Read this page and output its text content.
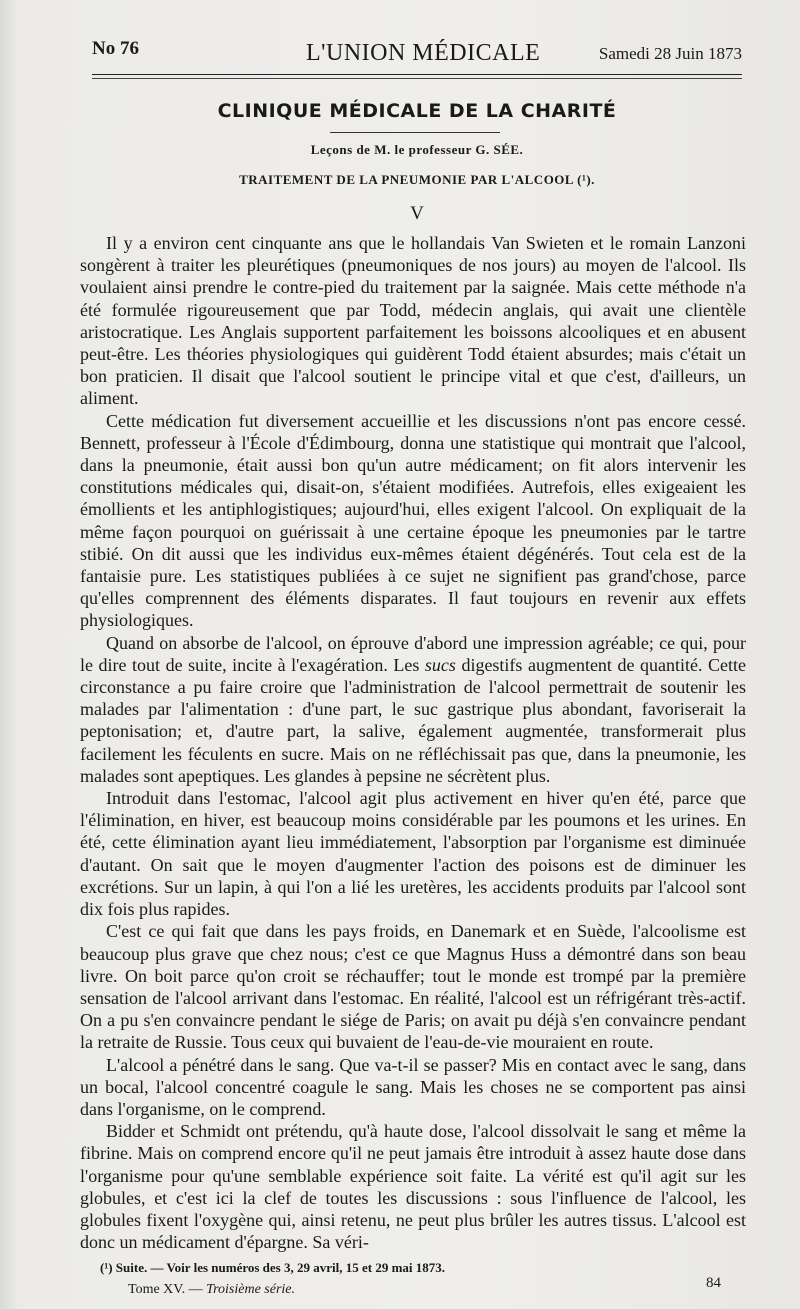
No 76	L'UNION MÉDICALE	Samedi 28 Juin 1873
CLINIQUE MÉDICALE DE LA CHARITÉ
Leçons de M. le professeur G. SÉE.
TRAITEMENT DE LA PNEUMONIE PAR L'ALCOOL (¹).
V

Il y a environ cent cinquante ans que le hollandais Van Swieten et le romain Lanzoni songèrent à traiter les pleurétiques (pneumoniques de nos jours) au moyen de l'alcool. Ils voulaient ainsi prendre le contre-pied du traitement par la saignée. Mais cette méthode n'a été formulée rigoureusement que par Todd, médecin anglais, qui avait une clientèle aristocratique. Les Anglais supportent parfaitement les boissons alcooliques et en abusent peut-être. Les théories physiologiques qui guidèrent Todd étaient absurdes; mais c'était un bon praticien. Il disait que l'alcool soutient le principe vital et que c'est, d'ailleurs, un aliment.

Cette médication fut diversement accueillie et les discussions n'ont pas encore cessé. Bennett, professeur à l'École d'Édimbourg, donna une statistique qui montrait que l'alcool, dans la pneumonie, était aussi bon qu'un autre médicament; on fit alors intervenir les constitutions médicales qui, disait-on, s'étaient modifiées. Autrefois, elles exigeaient les émollients et les antiphlogistiques; aujourd'hui, elles exigent l'alcool. On expliquait de la même façon pourquoi on guérissait à une certaine époque les pneumonies par le tartre stibié. On dit aussi que les individus eux-mêmes étaient dégénérés. Tout cela est de la fantaisie pure. Les statistiques publiées à ce sujet ne signifient pas grand'chose, parce qu'elles comprennent des éléments disparates. Il faut toujours en revenir aux effets physiologiques.

Quand on absorbe de l'alcool, on éprouve d'abord une impression agréable; ce qui, pour le dire tout de suite, incite à l'exagération. Les sucs digestifs augmentent de quantité. Cette circonstance a pu faire croire que l'administration de l'alcool permettrait de soutenir les malades par l'alimentation : d'une part, le suc gastrique plus abondant, favoriserait la peptonisation; et, d'autre part, la salive, également augmentée, transformerait plus facilement les féculents en sucre. Mais on ne réfléchissait pas que, dans la pneumonie, les malades sont apeptiques. Les glandes à pepsine ne sécrètent plus.

Introduit dans l'estomac, l'alcool agit plus activement en hiver qu'en été, parce que l'élimination, en hiver, est beaucoup moins considérable par les poumons et les urines. En été, cette élimination ayant lieu immédiatement, l'absorption par l'organisme est diminuée d'autant. On sait que le moyen d'augmenter l'action des poisons est de diminuer les excrétions. Sur un lapin, à qui l'on a lié les uretères, les accidents produits par l'alcool sont dix fois plus rapides.

C'est ce qui fait que dans les pays froids, en Danemark et en Suède, l'alcoolisme est beaucoup plus grave que chez nous; c'est ce que Magnus Huss a démontré dans son beau livre. On boit parce qu'on croit se réchauffer; tout le monde est trompé par la première sensation de l'alcool arrivant dans l'estomac. En réalité, l'alcool est un réfrigérant très-actif. On a pu s'en convaincre pendant le siége de Paris; on avait pu déjà s'en convaincre pendant la retraite de Russie. Tous ceux qui buvaient de l'eau-de-vie mouraient en route.

L'alcool a pénétré dans le sang. Que va-t-il se passer? Mis en contact avec le sang, dans un bocal, l'alcool concentré coagule le sang. Mais les choses ne se comportent pas ainsi dans l'organisme, on le comprend.

Bidder et Schmidt ont prétendu, qu'à haute dose, l'alcool dissolvait le sang et même la fibrine. Mais on comprend encore qu'il ne peut jamais être introduit à assez haute dose dans l'organisme pour qu'une semblable expérience soit faite. La vérité est qu'il agit sur les globules, et c'est ici la clef de toutes les discussions : sous l'influence de l'alcool, les globules fixent l'oxygène qui, ainsi retenu, ne peut plus brûler les autres tissus. L'alcool est donc un médicament d'épargne. Sa véri-

(¹) Suite. — Voir les numéros des 3, 29 avril, 15 et 29 mai 1873.
Tome XV. — Troisième série.	84
